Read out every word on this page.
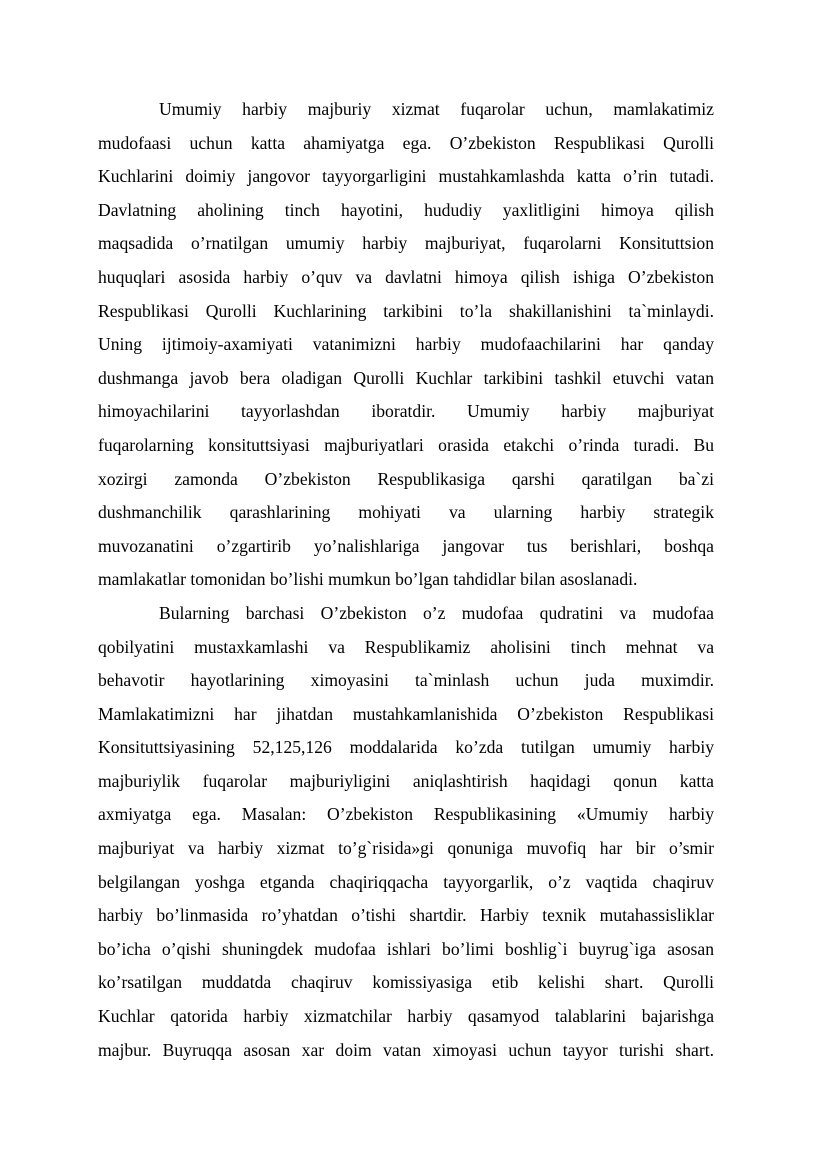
Umumiy harbiy majburiy xizmat fuqarolar uchun, mamlakatimiz
mudofaasi uchun katta ahamiyatga ega. O’zbekiston Respublikasi Qurolli
Kuchlarini doimiy jangovor tayyorgarligini mustahkamlashda katta o’rin tutadi.
Davlatning aholining tinch hayotini, hududiy yaxlitligini himoya qilish
maqsadida o’rnatilgan umumiy harbiy majburiyat, fuqarolarni Konsituttsion
huquqlari asosida harbiy o’quv va davlatni himoya qilish ishiga O’zbekiston
Respublikasi Qurolli Kuchlarining tarkibini to’la shakillanishini ta`minlaydi.
Uning ijtimoiy-axamiyati vatanimizni harbiy mudofaachilarini har qanday
dushmanga javob bera oladigan Qurolli Kuchlar tarkibini tashkil etuvchi vatan
himoyachilarini tayyorlashdan iboratdir. Umumiy harbiy majburiyat
fuqarolarning konsituttsiyasi majburiyatlari orasida etakchi o’rinda turadi. Bu
xozirgi zamonda O’zbekiston Respublikasiga qarshi qaratilgan ba`zi
dushmanchilik qarashlarining mohiyati va ularning harbiy strategik
muvozanatini o’zgartirib yo’nalishlariga jangovar tus berishlari, boshqa
mamlakatlar tomonidan bo’lishi mumkun bo’lgan tahdidlar bilan asoslanadi.
Bularning barchasi O’zbekiston o’z mudofaa qudratini va mudofaa
qobilyatini mustaxkamlashi va Respublikamiz aholisini tinch mehnat va
behavotir hayotlarining ximoyasini ta`minlash uchun juda muximdir.
Mamlakatimizni har jihatdan mustahkamlanishida O’zbekiston Respublikasi
Konsituttsiyasining 52,125,126 moddalarida ko’zda tutilgan umumiy harbiy
majburiylik fuqarolar majburiyligini aniqlashtirish haqidagi qonun katta
axmiyatga ega. Masalan: O’zbekiston Respublikasining «Umumiy harbiy
majburiyat va harbiy xizmat to’g`risida»gi qonuniga muvofiq har bir o’smir
belgilangan yoshga etganda chaqiriqqacha tayyorgarlik, o’z vaqtida chaqiruv
harbiy bo’linmasida ro’yhatdan o’tishi shartdir. Harbiy texnik mutahassisliklar
bo’icha o’qishi shuningdek mudofaa ishlari bo’limi boshlig`i buyrug`iga asosan
ko’rsatilgan muddatda chaqiruv komissiyasiga etib kelishi shart. Qurolli
Kuchlar qatorida harbiy xizmatchilar harbiy qasamyod talablarini bajarishga
majbur. Buyruqqa asosan xar doim vatan ximoyasi uchun tayyor turishi shart.
